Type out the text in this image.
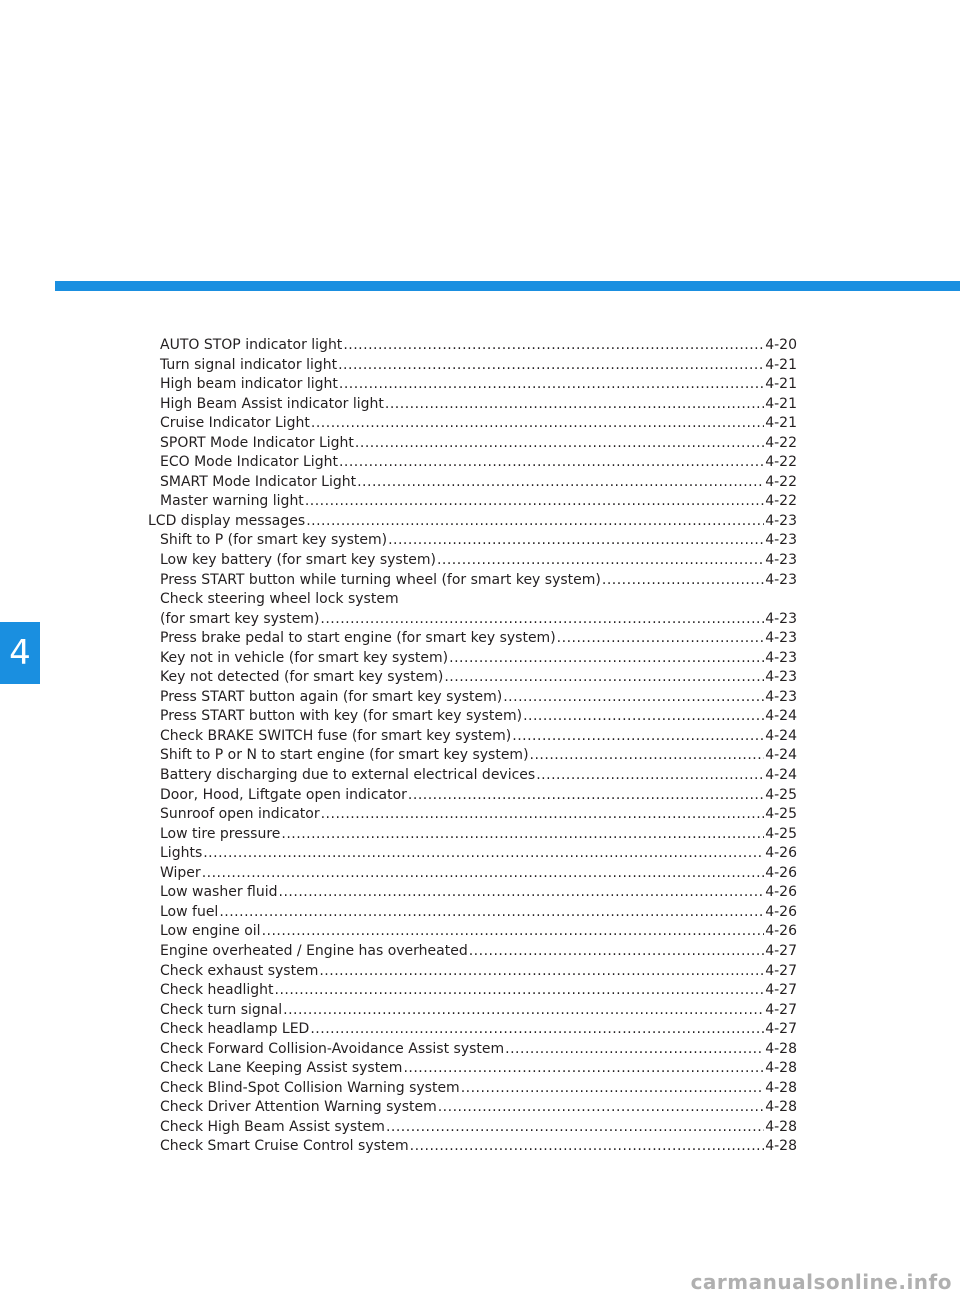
4
AUTO STOP indicator light .....	4-20
Turn signal indicator light .....	4-21
High beam indicator light .....	4-21
High Beam Assist indicator light .....	4-21
Cruise Indicator Light .....	4-21
SPORT Mode Indicator Light .....	4-22
ECO Mode Indicator Light .....	4-22
SMART Mode Indicator Light .....	4-22
Master warning light .....	4-22
LCD display messages .....	4-23
Shift to P (for smart key system) .....	4-23
Low key battery (for smart key system) .....	4-23
Press START button while turning wheel (for smart key system) .....	4-23
Check steering wheel lock system
(for smart key system) .....	4-23
Press brake pedal to start engine (for smart key system) .....	4-23
Key not in vehicle (for smart key system) .....	4-23
Key not detected (for smart key system) .....	4-23
Press START button again (for smart key system) .....	4-23
Press START button with key (for smart key system) .....	4-24
Check BRAKE SWITCH fuse (for smart key system) .....	4-24
Shift to P or N to start engine (for smart key system) .....	4-24
Battery discharging due to external electrical devices .....	4-24
Door, Hood, Liftgate open indicator .....	4-25
Sunroof open indicator .....	4-25
Low tire pressure .....	4-25
Lights .....	4-26
Wiper .....	4-26
Low washer fluid .....	4-26
Low fuel .....	4-26
Low engine oil .....	4-26
Engine overheated / Engine has overheated .....	4-27
Check exhaust system .....	4-27
Check headlight .....	4-27
Check turn signal .....	4-27
Check headlamp LED .....	4-27
Check Forward Collision-Avoidance Assist system .....	4-28
Check Lane Keeping Assist system .....	4-28
Check Blind-Spot Collision Warning system .....	4-28
Check Driver Attention Warning system .....	4-28
Check High Beam Assist system .....	4-28
Check Smart Cruise Control system .....	4-28
carmanualsonline.info
